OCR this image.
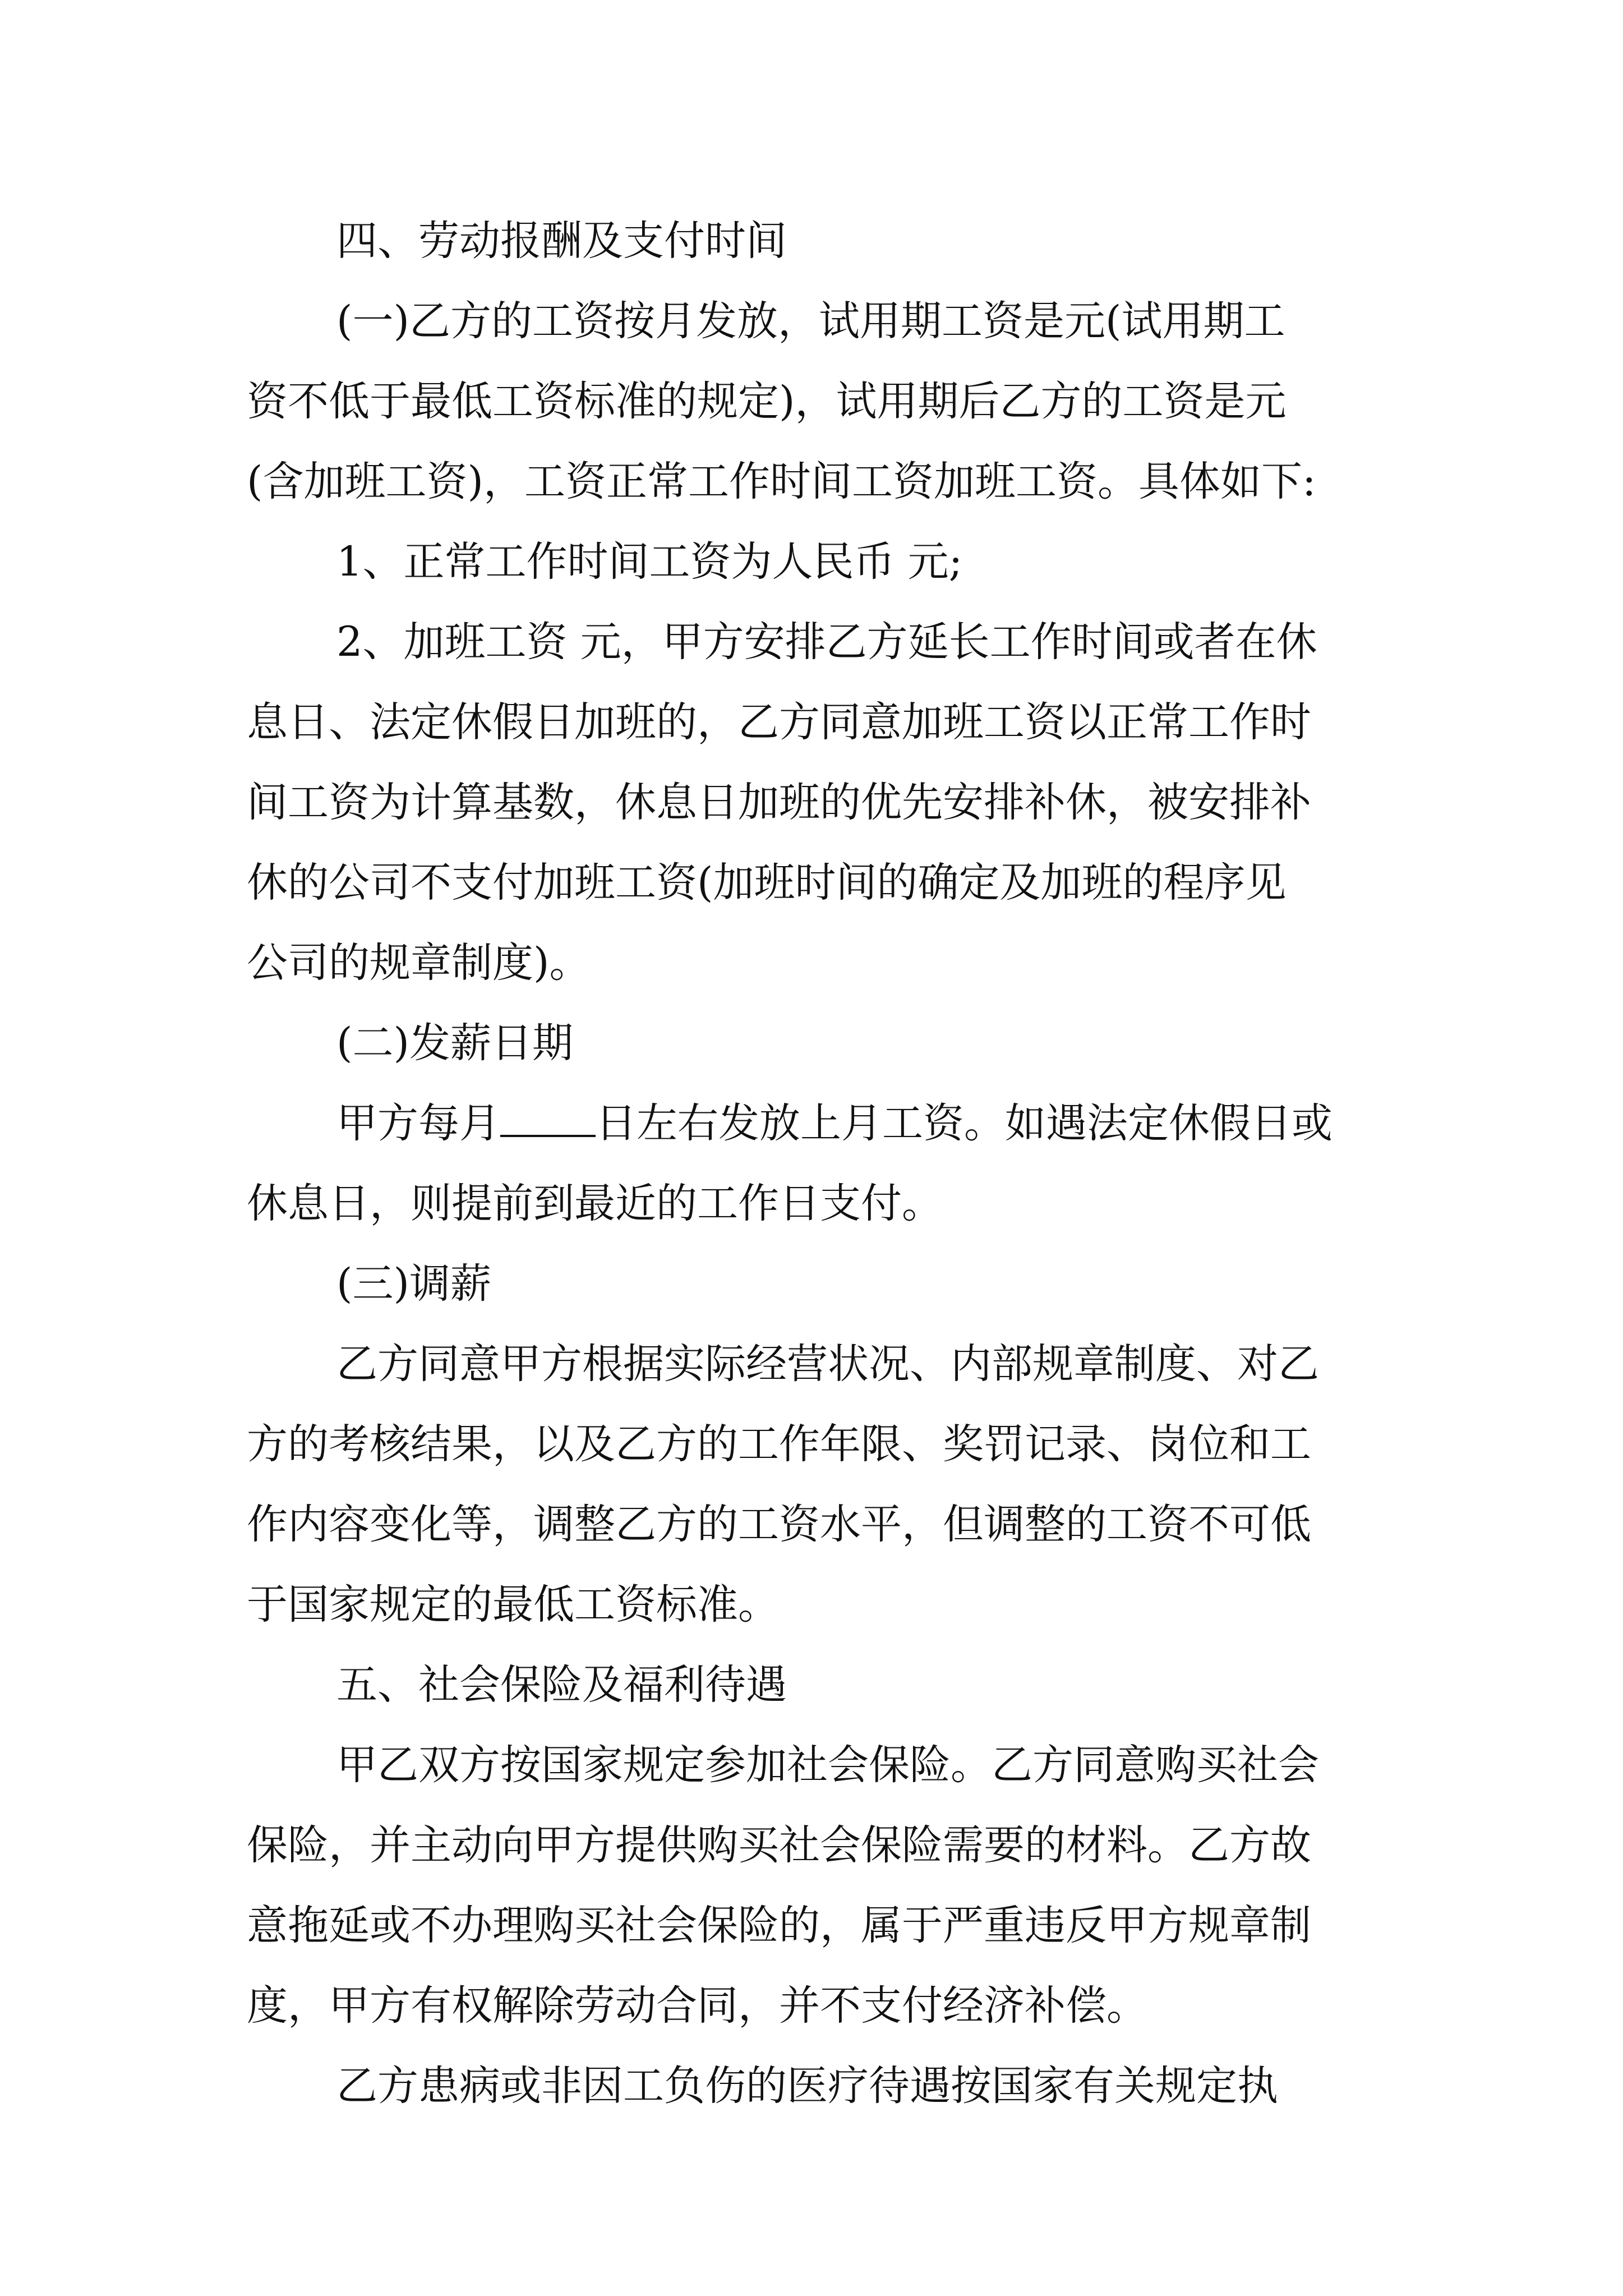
四、劳动报酬及支付时间
(一)乙方的工资按月发放，试用期工资是元(试用期工
资不低于最低工资标准的规定)，试用期后乙方的工资是元
(含加班工资)，工资正常工作时间工资加班工资。具体如下:
1、正常工作时间工资为人民币 元;
2、加班工资 元，甲方安排乙方延长工作时间或者在休
息日、法定休假日加班的，乙方同意加班工资以正常工作时
间工资为计算基数，休息日加班的优先安排补休，被安排补
休的公司不支付加班工资(加班时间的确定及加班的程序见
公司的规章制度)。
(二)发薪日期
甲方每月 日左右发放上月工资。如遇法定休假日或
休息日，则提前到最近的工作日支付。
(三)调薪
乙方同意甲方根据实际经营状况、内部规章制度、对乙
方的考核结果，以及乙方的工作年限、奖罚记录、岗位和工
作内容变化等，调整乙方的工资水平，但调整的工资不可低
于国家规定的最低工资标准。
五、社会保险及福利待遇
甲乙双方按国家规定参加社会保险。乙方同意购买社会
保险，并主动向甲方提供购买社会保险需要的材料。乙方故
意拖延或不办理购买社会保险的，属于严重违反甲方规章制
度，甲方有权解除劳动合同，并不支付经济补偿。
乙方患病或非因工负伤的医疗待遇按国家有关规定执
